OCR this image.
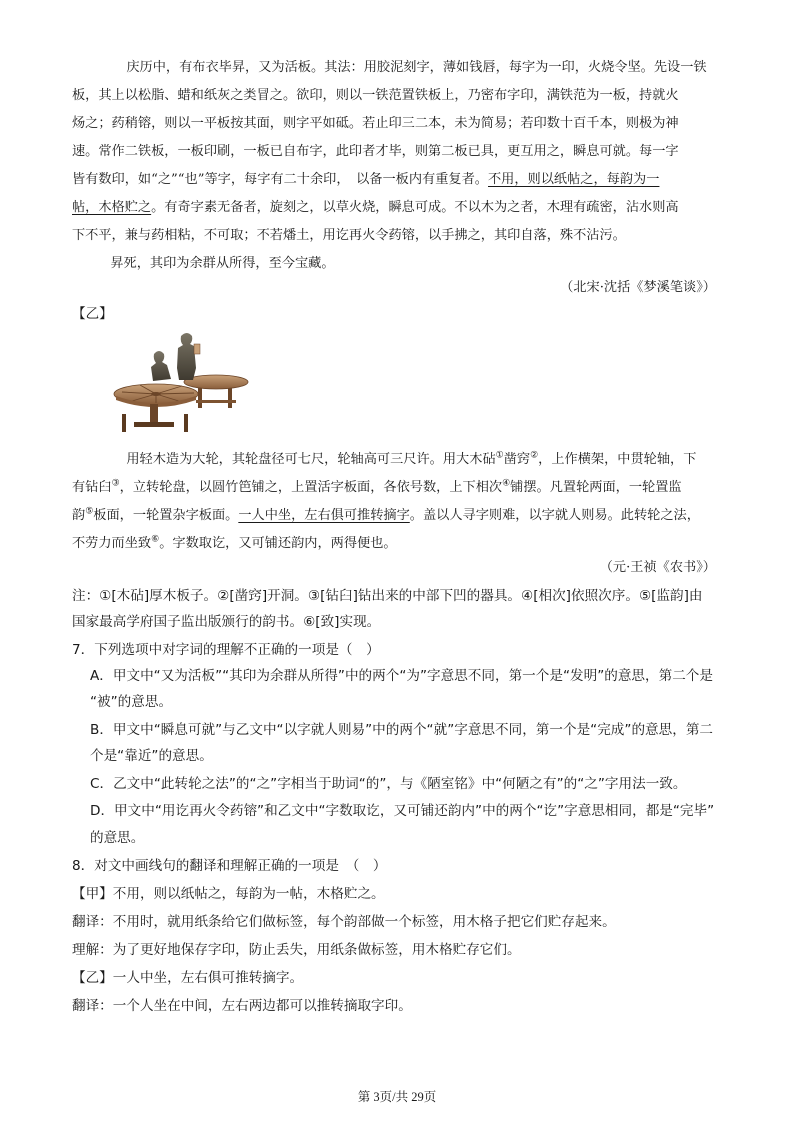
　　庆历中，有布衣毕昇，又为活板。其法：用胶泥刻字，薄如钱唇，每字为一印，火烧令坚。先设一铁
板，其上以松脂、蜡和纸灰之类冒之。欲印，则以一铁范置铁板上，乃密布字印，满铁范为一板，持就火
炀之；药稍镕，则以一平板按其面，则字平如砥。若止印三二本，未为简易；若印数十百千本，则极为神
速。常作二铁板，一板印刷，一板已自布字，此印者才毕，则第二板已具，更互用之，瞬息可就。每一字
皆有数印，如“之”“也”等字，每字有二十余印，　以备一板内有重复者。不用，则以纸帖之，每韵为一
帖，木格贮之。有奇字素无备者，旋刻之，以草火烧，瞬息可成。不以木为之者，木理有疏密，沾水则高
下不平，兼与药相粘，不可取；不若燔土，用讫再火令药镕，以手拂之，其印自落，殊不沾污。
　　昇死，其印为余群从所得，至今宝藏。
（北宋·沈括《梦溪笔谈》）
【乙】
　　用轻木造为大轮，其轮盘径可七尺，轮轴高可三尺许。用大木砧①凿窍②，上作横架，中贯轮轴，下
有钻臼③，立转轮盘，以圆竹笆铺之，上置活字板面，各依号数，上下相次④铺摆。凡置轮两面，一轮置监
韵⑤板面，一轮置杂字板面。一人中坐，左右俱可推转摘字。盖以人寻字则难，以字就人则易。此转轮之法，
不劳力而坐致⑥。字数取讫，又可铺还韵内，两得便也。
（元·王祯《农书》）
注：①[木砧]厚木板子。②[凿窍]开洞。③[钻臼]钻出来的中部下凹的器具。④[相次]依照次序。⑤[监韵]由
国家最高学府国子监出版颁行的韵书。⑥[致]实现。
7．下列选项中对字词的理解不正确的一项是（　）
A．甲文中“又为活板”“其印为余群从所得”中的两个“为”字意思不同，第一个是“发明”的意思，第二个是
“被”的意思。
B．甲文中“瞬息可就”与乙文中“以字就人则易”中的两个“就”字意思不同，第一个是“完成”的意思，第二
个是“靠近”的意思。
C．乙文中“此转轮之法”的“之”字相当于助词“的”，与《陋室铭》中“何陋之有”的“之”字用法一致。
D．甲文中“用讫再火令药镕”和乙文中“字数取讫，又可铺还韵内”中的两个“讫”字意思相同，都是“完毕”
的意思。
8．对文中画线句的翻译和理解正确的一项是　（　）
【甲】不用，则以纸帖之，每韵为一帖，木格贮之。
翻译：不用时，就用纸条给它们做标签，每个韵部做一个标签，用木格子把它们贮存起来。
理解：为了更好地保存字印，防止丢失，用纸条做标签，用木格贮存它们。
【乙】一人中坐，左右俱可推转摘字。
翻译：一个人坐在中间，左右两边都可以推转摘取字印。
第 3页/共 29页
